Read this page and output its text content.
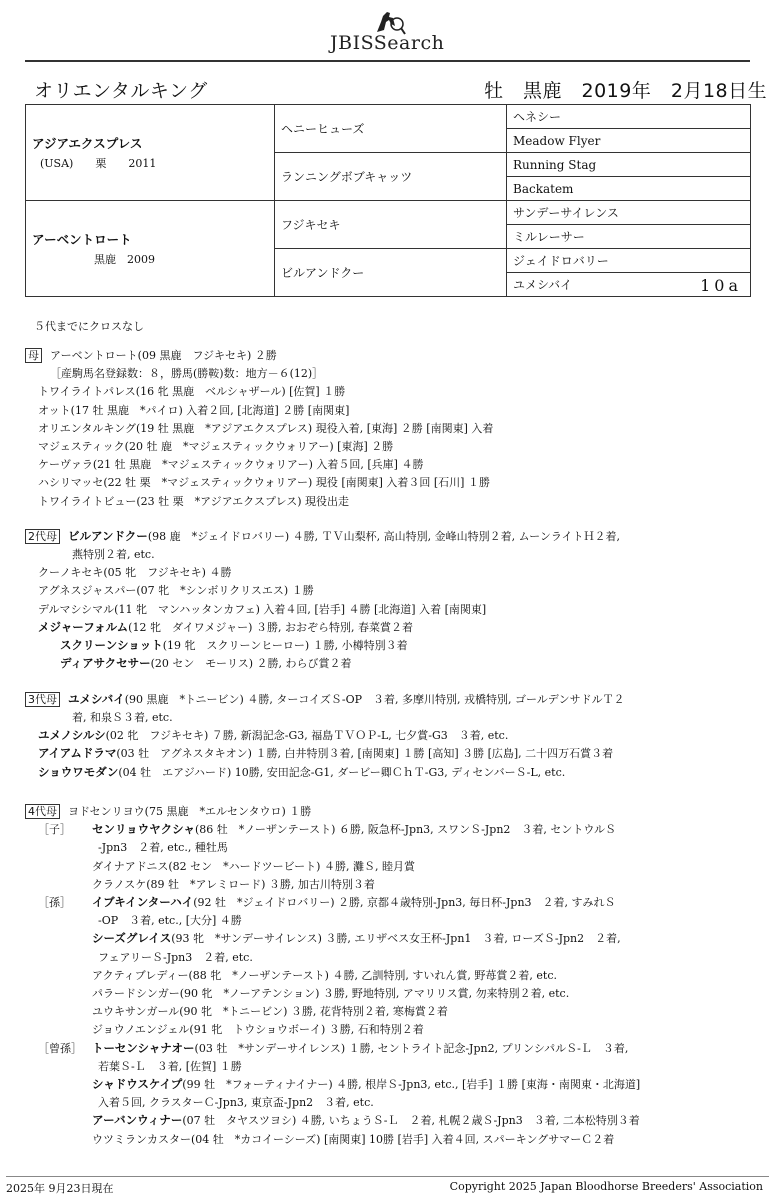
JBISSearch
オリエンタルキング	牡　黒鹿　2019年　2月18日生
アジアエクスプレス
(USA)　　 栗　　 2011	ヘニーヒューズ	ヘネシー
		Meadow Flyer
	ランニングボブキャッツ	Running Stag
		Backatem
アーベントロート
黒鹿　 2009	フジキセキ	サンデーサイレンス
		ミルレーサー
	ビルアンドクー	ジェイドロバリー
		ユメシバイ 10a
５代までにクロスなし
母 アーベントロート(09 黒鹿　フジキセキ) ２勝
［産駒馬名登録数：８，勝馬(勝鞍)数：地方－６(12)］
トワイライトパレス(16 牝 黒鹿　ベルシャザール) [佐賀] １勝
オット(17 牡 黒鹿　*パイロ) 入着２回, [北海道] ２勝 [南関東]
オリエンタルキング(19 牡 黒鹿　*アジアエクスプレス) 現役入着, [東海] ２勝 [南関東] 入着
マジェスティック(20 牡 鹿　*マジェスティックウォリアー) [東海] ２勝
ケーヴァラ(21 牡 黒鹿　*マジェスティックウォリアー) 入着５回, [兵庫] ４勝
ハシリマッセ(22 牡 栗　*マジェスティックウォリアー) 現役 [南関東] 入着３回 [石川] １勝
トワイライトビュー(23 牡 栗　*アジアエクスプレス) 現役出走
2代母 ビルアンドクー(98 鹿　*ジェイドロバリー) ４勝, ＴＶ山梨杯, 高山特別, 金峰山特別２着, ムーンライトＨ２着,
燕特別２着, etc.
クーノキセキ(05 牝　フジキセキ) ４勝
アグネスジャスパー(07 牝　*シンボリクリスエス) １勝
デルマシシマル(11 牝　マンハッタンカフェ) 入着４回, [岩手] ４勝 [北海道] 入着 [南関東]
メジャーフォルム(12 牝　ダイワメジャー) ３勝, おおぞら特別, 春菜賞２着
スクリーンショット(19 牝　スクリーンヒーロー) １勝, 小樽特別３着
ディアサクセサー(20 セン　モーリス) ２勝, わらび賞２着
3代母 ユメシバイ(90 黒鹿　*トニービン) ４勝, ターコイズＳ-OP　３着, 多摩川特別, 戎橋特別, ゴールデンサドルＴ２
着, 和泉Ｓ３着, etc.
ユメノシルシ(02 牝　フジキセキ) ７勝, 新潟記念-G3, 福島ＴＶＯＰ-L, 七夕賞-G3　３着, etc.
アイアムドラマ(03 牡　アグネスタキオン) １勝, 白井特別３着, [南関東] １勝 [高知] ３勝 [広島], 二十四万石賞３着
ショウワモダン(04 牡　エアジハード) 10勝, 安田記念-G1, ダービー卿ＣｈＴ-G3, ディセンバーＳ-L, etc.
4代母 ヨドセンリヨウ(75 黒鹿　*エルセンタウロ) １勝
［子］ センリョウヤクシャ(86 牡　*ノーザンテースト) ６勝, 阪急杯-Jpn3, スワンＳ-Jpn2　３着, セントウルＳ
-Jpn3　２着, etc., 種牡馬
ダイナアドニス(82 セン　*ハードツービート) ４勝, 灘Ｓ, 睦月賞
クラノスケ(89 牡　*アレミロード) ３勝, 加古川特別３着
［孫］ イブキインターハイ(92 牡　*ジェイドロバリー) ２勝, 京都４歳特別-Jpn3, 毎日杯-Jpn3　２着, すみれＳ
-OP　３着, etc., [大分] ４勝
シーズグレイス(93 牝　*サンデーサイレンス) ３勝, エリザベス女王杯-Jpn1　３着, ローズＳ-Jpn2　２着,
フェアリーＳ-Jpn3　２着, etc.
アクティブレディー(88 牝　*ノーザンテースト) ４勝, 乙訓特別, すいれん賞, 野苺賞２着, etc.
パラードシンガー(90 牝　*ノーアテンション) ３勝, 野地特別, アマリリス賞, 勿来特別２着, etc.
ユウキサンガール(90 牝　*トニービン) ３勝, 花背特別２着, 寒梅賞２着
ジョウノエンジェル(91 牝　トウショウボーイ) ３勝, 石和特別２着
［曾孫］ トーセンシャナオー(03 牡　*サンデーサイレンス) １勝, セントライト記念-Jpn2, プリンシパルＳ-Ｌ　３着,
若葉Ｓ-Ｌ　３着, [佐賀] １勝
シャドウスケイプ(99 牡　*フォーティナイナー) ４勝, 根岸Ｓ-Jpn3, etc., [岩手] １勝 [東海・南関東・北海道]
入着５回, クラスターＣ-Jpn3, 東京盃-Jpn2　３着, etc.
アーバンウィナー(07 牡　タヤスツヨシ) ４勝, いちょうＳ-Ｌ　２着, 札幌２歳Ｓ-Jpn3　３着, 二本松特別３着
ウツミランカスター(04 牡　*カコイーシーズ) [南関東] 10勝 [岩手] 入着４回, スパーキングサマーＣ２着
2025年 9月23日現在	Copyright 2025 Japan Bloodhorse Breeders' Association
